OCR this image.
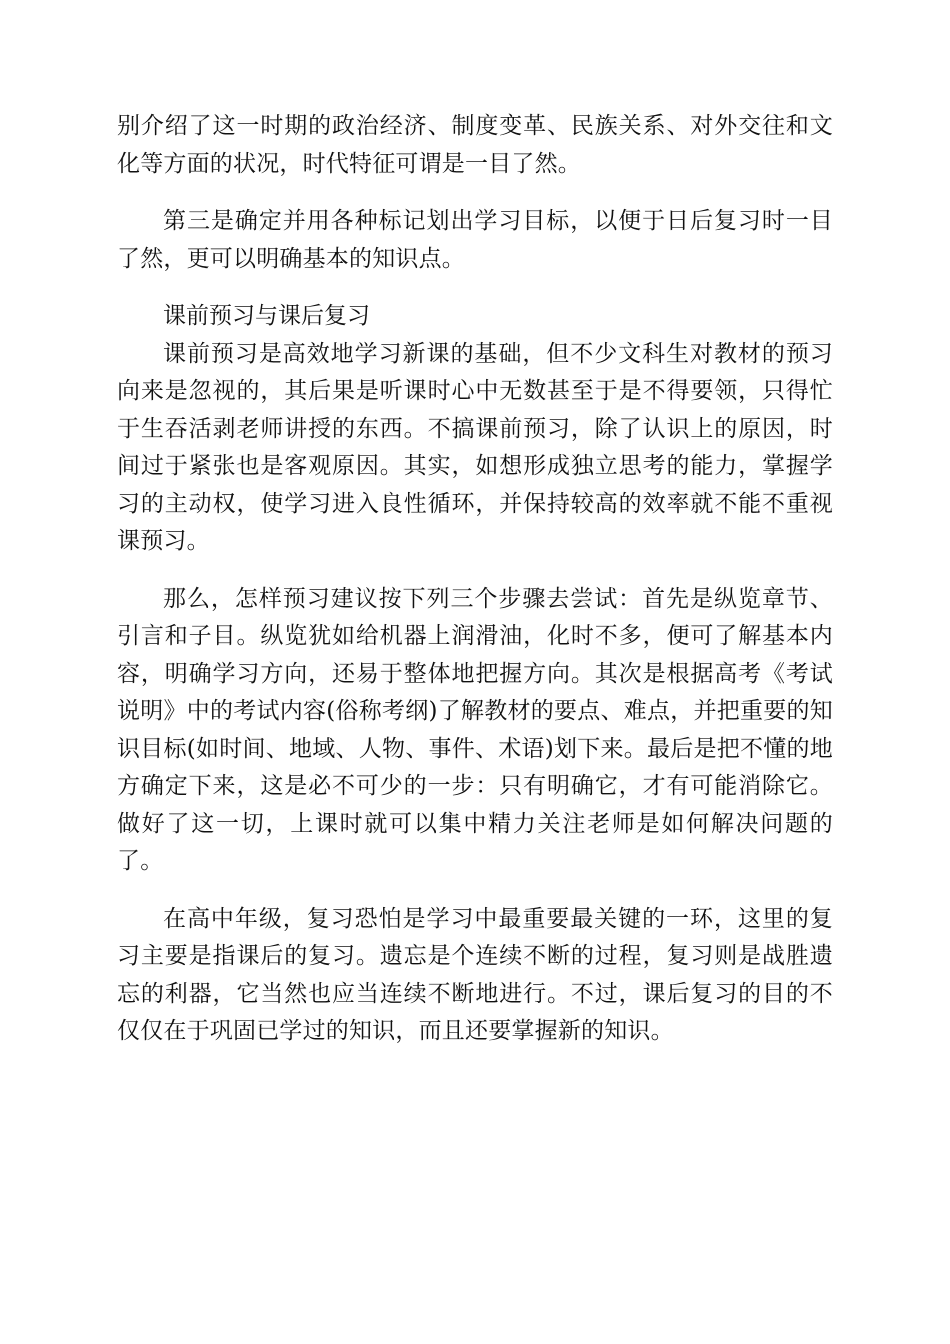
别介绍了这一时期的政治经济、制度变革、民族关系、对外交往和文化等方面的状况，时代特征可谓是一目了然。

第三是确定并用各种标记划出学习目标，以便于日后复习时一目了然，更可以明确基本的知识点。

课前预习与课后复习

课前预习是高效地学习新课的基础，但不少文科生对教材的预习向来是忽视的，其后果是听课时心中无数甚至于是不得要领，只得忙于生吞活剥老师讲授的东西。不搞课前预习，除了认识上的原因，时间过于紧张也是客观原因。其实，如想形成独立思考的能力，掌握学习的主动权，使学习进入良性循环，并保持较高的效率就不能不重视课预习。

那么，怎样预习建议按下列三个步骤去尝试：首先是纵览章节、引言和子目。纵览犹如给机器上润滑油，化时不多，便可了解基本内容，明确学习方向，还易于整体地把握方向。其次是根据高考《考试说明》中的考试内容(俗称考纲)了解教材的要点、难点，并把重要的知识目标(如时间、地域、人物、事件、术语)划下来。最后是把不懂的地方确定下来，这是必不可少的一步：只有明确它，才有可能消除它。做好了这一切，上课时就可以集中精力关注老师是如何解决问题的了。

在高中年级，复习恐怕是学习中最重要最关键的一环，这里的复习主要是指课后的复习。遗忘是个连续不断的过程，复习则是战胜遗忘的利器，它当然也应当连续不断地进行。不过，课后复习的目的不仅仅在于巩固已学过的知识，而且还要掌握新的知识。
